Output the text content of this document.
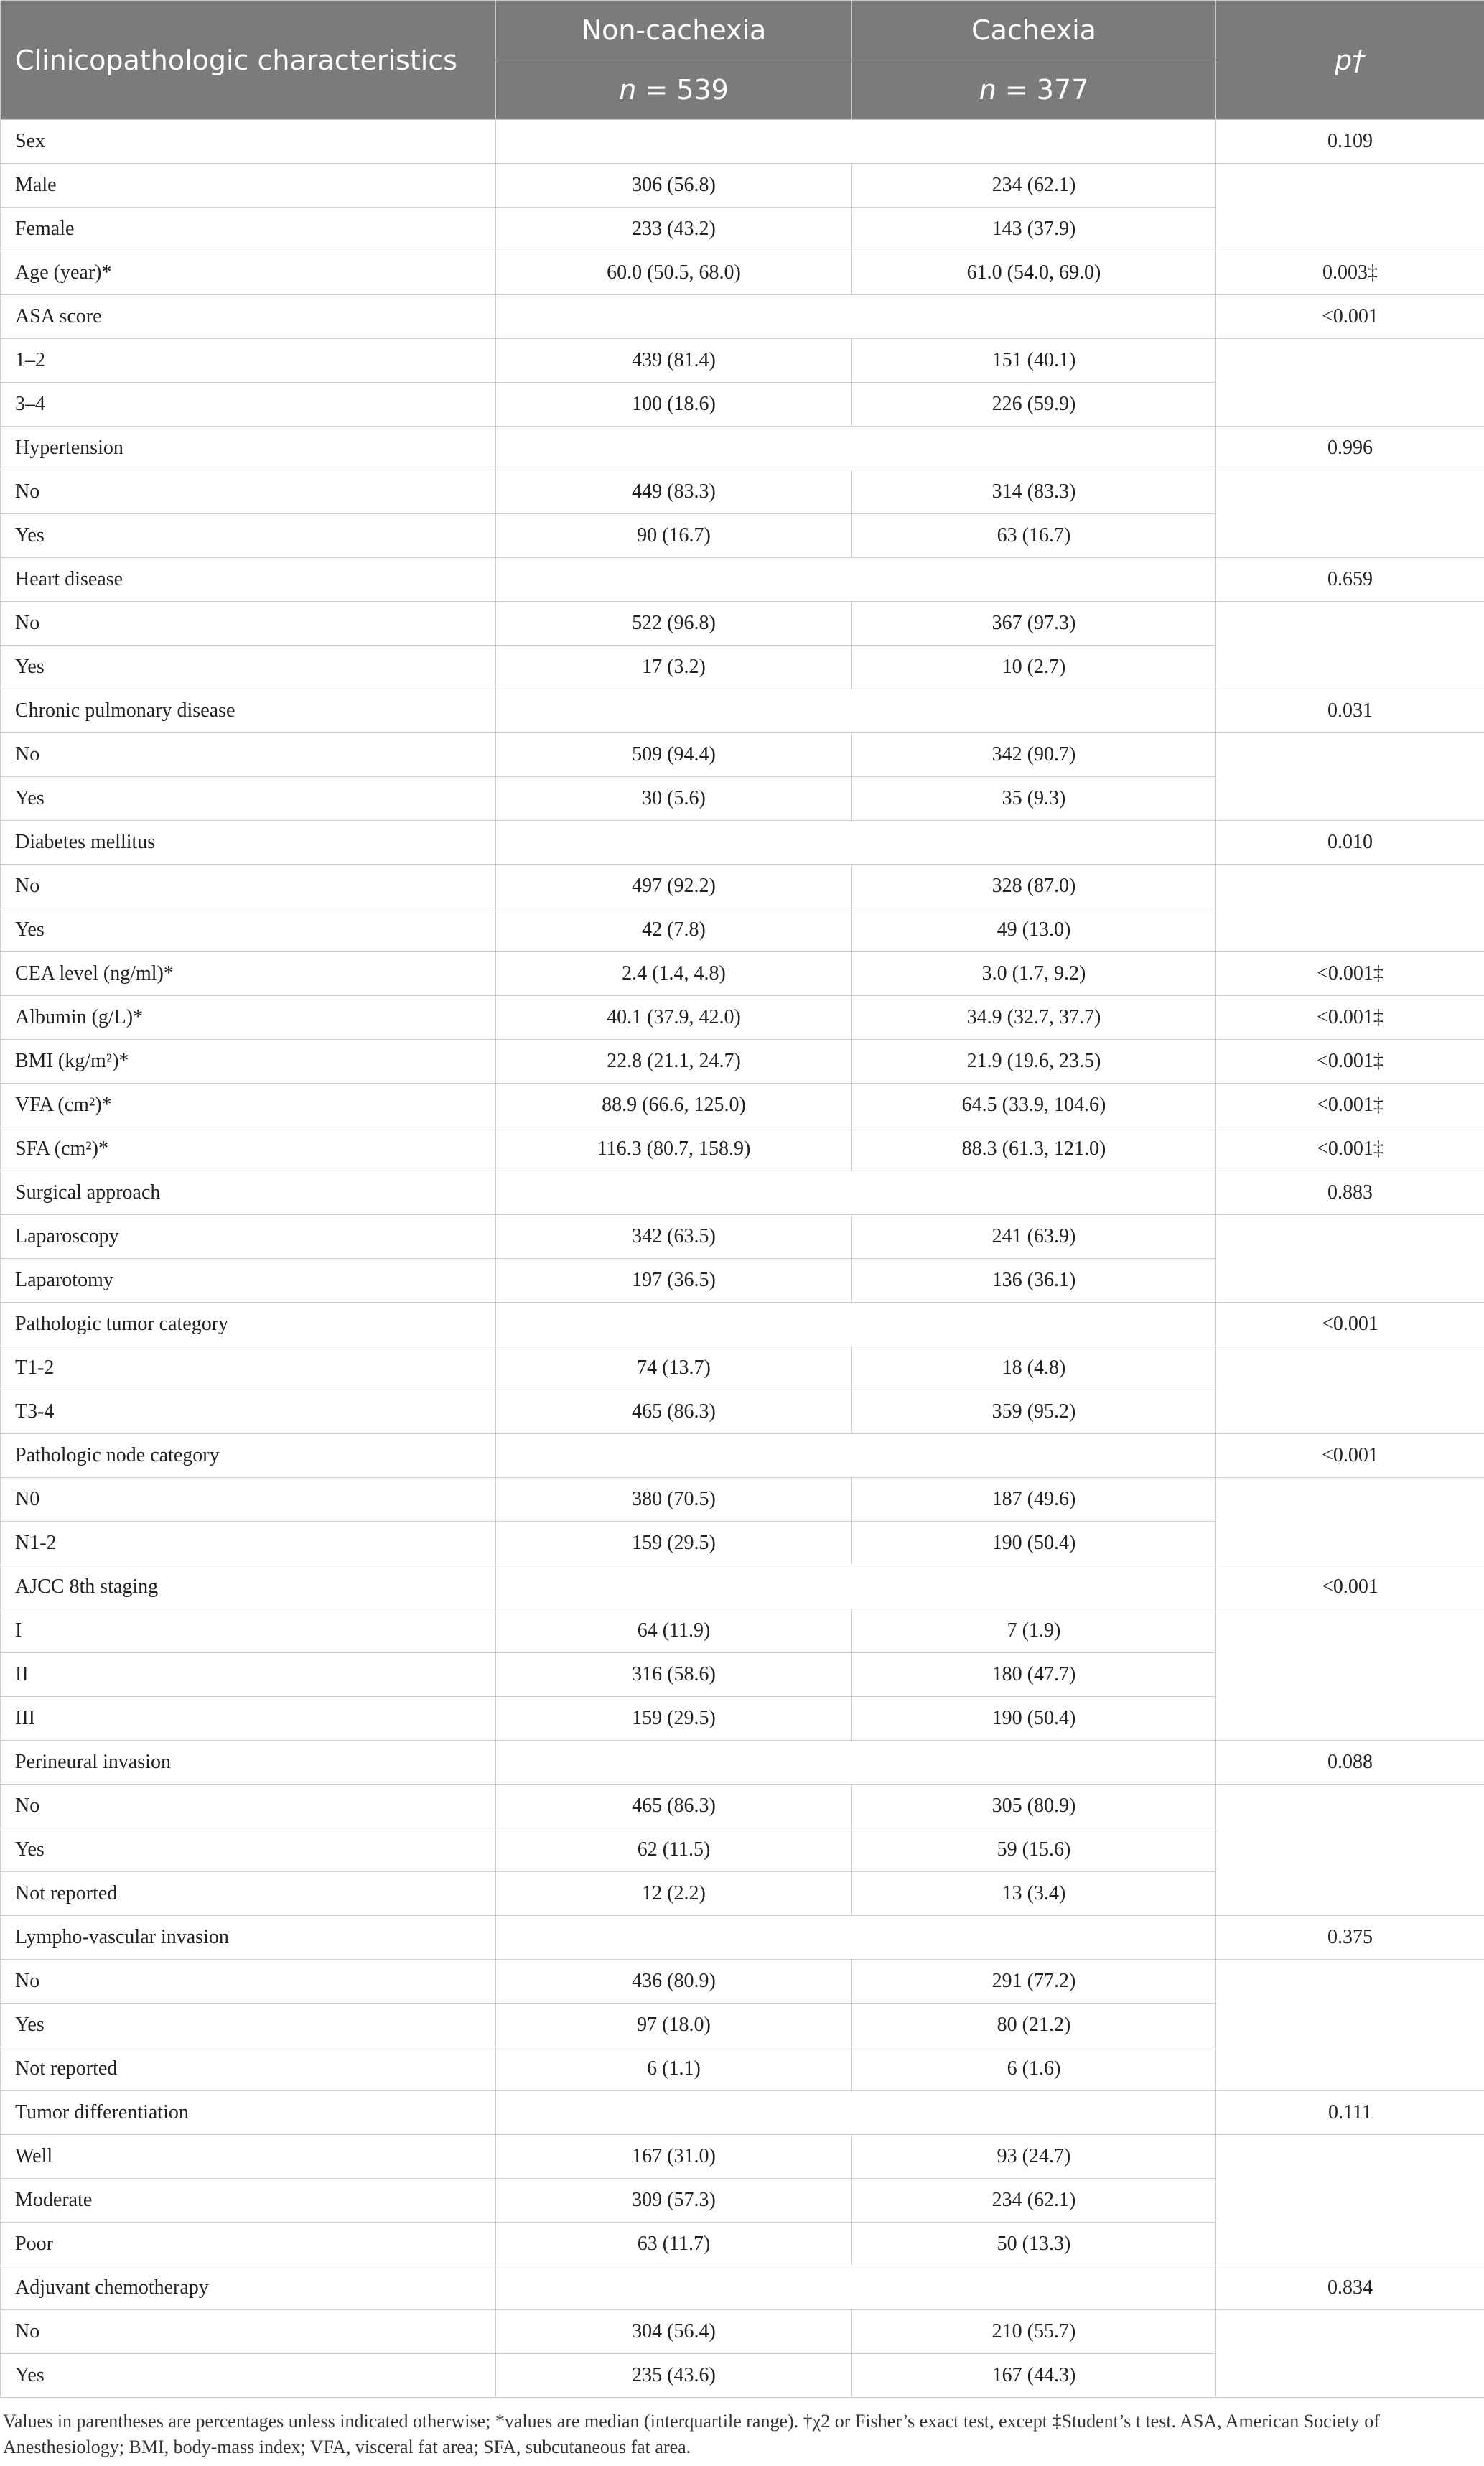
Clinicopathologic characteristics	Non-cachexia	Cachexia	p†
	n = 539	n = 377	
Sex			0.109
Male	306 (56.8)	234 (62.1)	
Female	233 (43.2)	143 (37.9)	
Age (year)*	60.0 (50.5, 68.0)	61.0 (54.0, 69.0)	0.003‡
ASA score			<0.001
1–2	439 (81.4)	151 (40.1)	
3–4	100 (18.6)	226 (59.9)	
Hypertension			0.996
No	449 (83.3)	314 (83.3)	
Yes	90 (16.7)	63 (16.7)	
Heart disease			0.659
No	522 (96.8)	367 (97.3)	
Yes	17 (3.2)	10 (2.7)	
Chronic pulmonary disease			0.031
No	509 (94.4)	342 (90.7)	
Yes	30 (5.6)	35 (9.3)	
Diabetes mellitus			0.010
No	497 (92.2)	328 (87.0)	
Yes	42 (7.8)	49 (13.0)	
CEA level (ng/ml)*	2.4 (1.4, 4.8)	3.0 (1.7, 9.2)	<0.001‡
Albumin (g/L)*	40.1 (37.9, 42.0)	34.9 (32.7, 37.7)	<0.001‡
BMI (kg/m²)*	22.8 (21.1, 24.7)	21.9 (19.6, 23.5)	<0.001‡
VFA (cm²)*	88.9 (66.6, 125.0)	64.5 (33.9, 104.6)	<0.001‡
SFA (cm²)*	116.3 (80.7, 158.9)	88.3 (61.3, 121.0)	<0.001‡
Surgical approach			0.883
Laparoscopy	342 (63.5)	241 (63.9)	
Laparotomy	197 (36.5)	136 (36.1)	
Pathologic tumor category			<0.001
T1-2	74 (13.7)	18 (4.8)	
T3-4	465 (86.3)	359 (95.2)	
Pathologic node category			<0.001
N0	380 (70.5)	187 (49.6)	
N1-2	159 (29.5)	190 (50.4)	
AJCC 8th staging			<0.001
I	64 (11.9)	7 (1.9)	
II	316 (58.6)	180 (47.7)	
III	159 (29.5)	190 (50.4)	
Perineural invasion			0.088
No	465 (86.3)	305 (80.9)	
Yes	62 (11.5)	59 (15.6)	
Not reported	12 (2.2)	13 (3.4)	
Lympho-vascular invasion			0.375
No	436 (80.9)	291 (77.2)	
Yes	97 (18.0)	80 (21.2)	
Not reported	6 (1.1)	6 (1.6)	
Tumor differentiation			0.111
Well	167 (31.0)	93 (24.7)	
Moderate	309 (57.3)	234 (62.1)	
Poor	63 (11.7)	50 (13.3)	
Adjuvant chemotherapy			0.834
No	304 (56.4)	210 (55.7)	
Yes	235 (43.6)	167 (44.3)	
Values in parentheses are percentages unless indicated otherwise; *values are median (interquartile range). †χ2 or Fisher’s exact test, except ‡Student’s t test. ASA, American Society of
Anesthesiology; BMI, body-mass index; VFA, visceral fat area; SFA, subcutaneous fat area.
